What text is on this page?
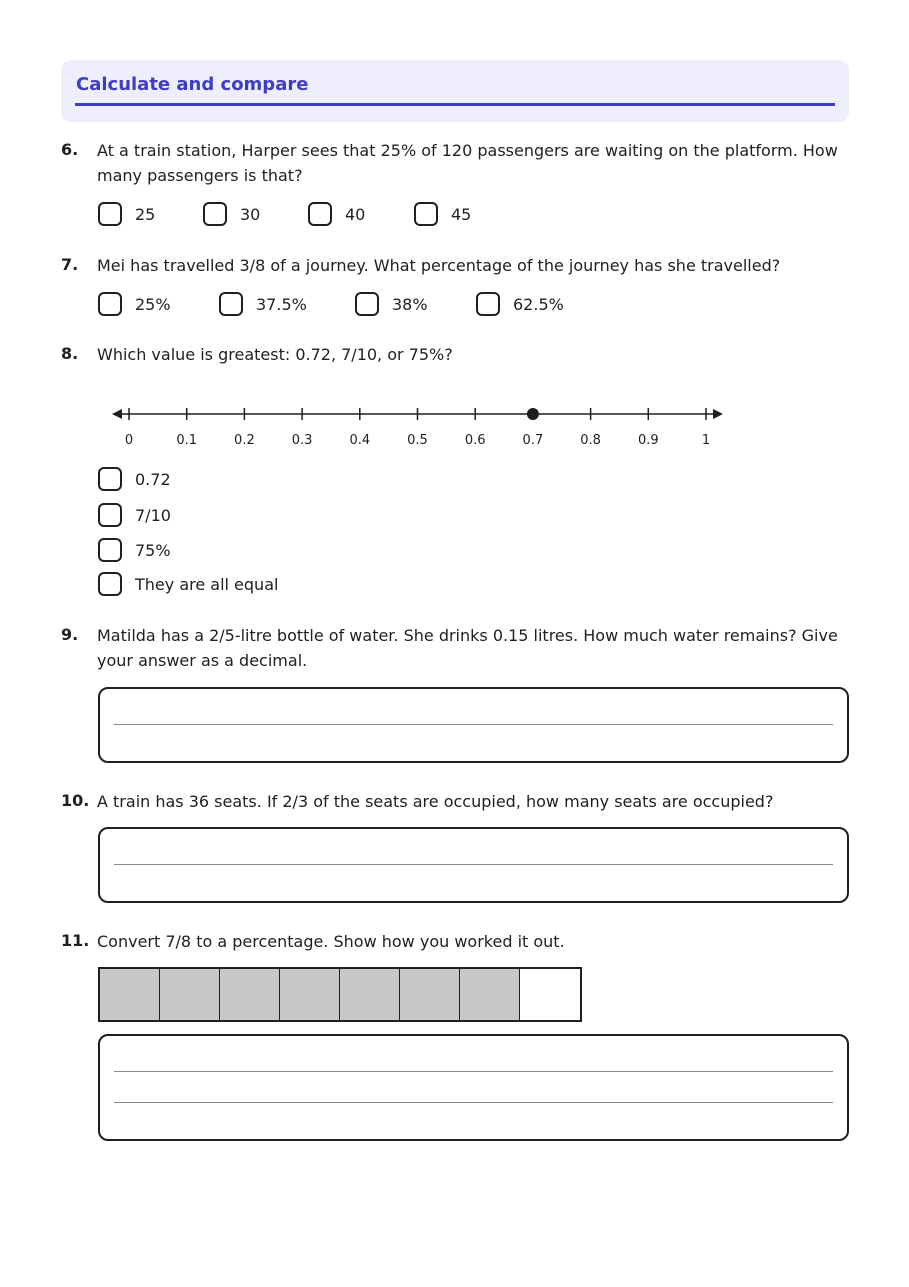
Calculate and compare
6. At a train station, Harper sees that 25% of 120 passengers are waiting on the platform. How many passengers is that?
25	30	40	45
7. Mei has travelled 3/8 of a journey. What percentage of the journey has she travelled?
25%	37.5%	38%	62.5%
8. Which value is greatest: 0.72, 7/10, or 75%?
0	0.1	0.2	0.3	0.4	0.5	0.6	0.7	0.8	0.9	1
0.72
7/10
75%
They are all equal
9. Matilda has a 2/5-litre bottle of water. She drinks 0.15 litres. How much water remains? Give your answer as a decimal.
10. A train has 36 seats. If 2/3 of the seats are occupied, how many seats are occupied?
11. Convert 7/8 to a percentage. Show how you worked it out.
